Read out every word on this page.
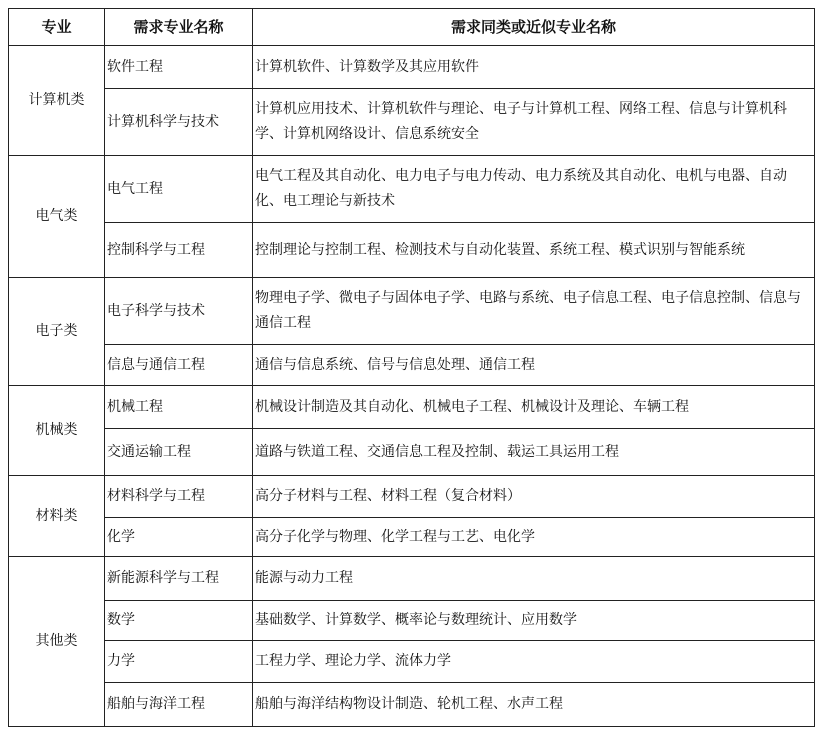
专业	需求专业名称	需求同类或近似专业名称
计算机类	软件工程	计算机软件、计算数学及其应用软件
	计算机科学与技术	计算机应用技术、计算机软件与理论、电子与计算机工程、网络工程、信息与计算机科学、计算机网络设计、信息系统安全
电气类	电气工程	电气工程及其自动化、电力电子与电力传动、电力系统及其自动化、电机与电器、自动化、电工理论与新技术
	控制科学与工程	控制理论与控制工程、检测技术与自动化装置、系统工程、模式识别与智能系统
电子类	电子科学与技术	物理电子学、微电子与固体电子学、电路与系统、电子信息工程、电子信息控制、信息与通信工程
	信息与通信工程	通信与信息系统、信号与信息处理、通信工程
机械类	机械工程	机械设计制造及其自动化、机械电子工程、机械设计及理论、车辆工程
	交通运输工程	道路与铁道工程、交通信息工程及控制、载运工具运用工程
材料类	材料科学与工程	高分子材料与工程、材料工程（复合材料）
	化学	高分子化学与物理、化学工程与工艺、电化学
其他类	新能源科学与工程	能源与动力工程
	数学	基础数学、计算数学、概率论与数理统计、应用数学
	力学	工程力学、理论力学、流体力学
	船舶与海洋工程	船舶与海洋结构物设计制造、轮机工程、水声工程
